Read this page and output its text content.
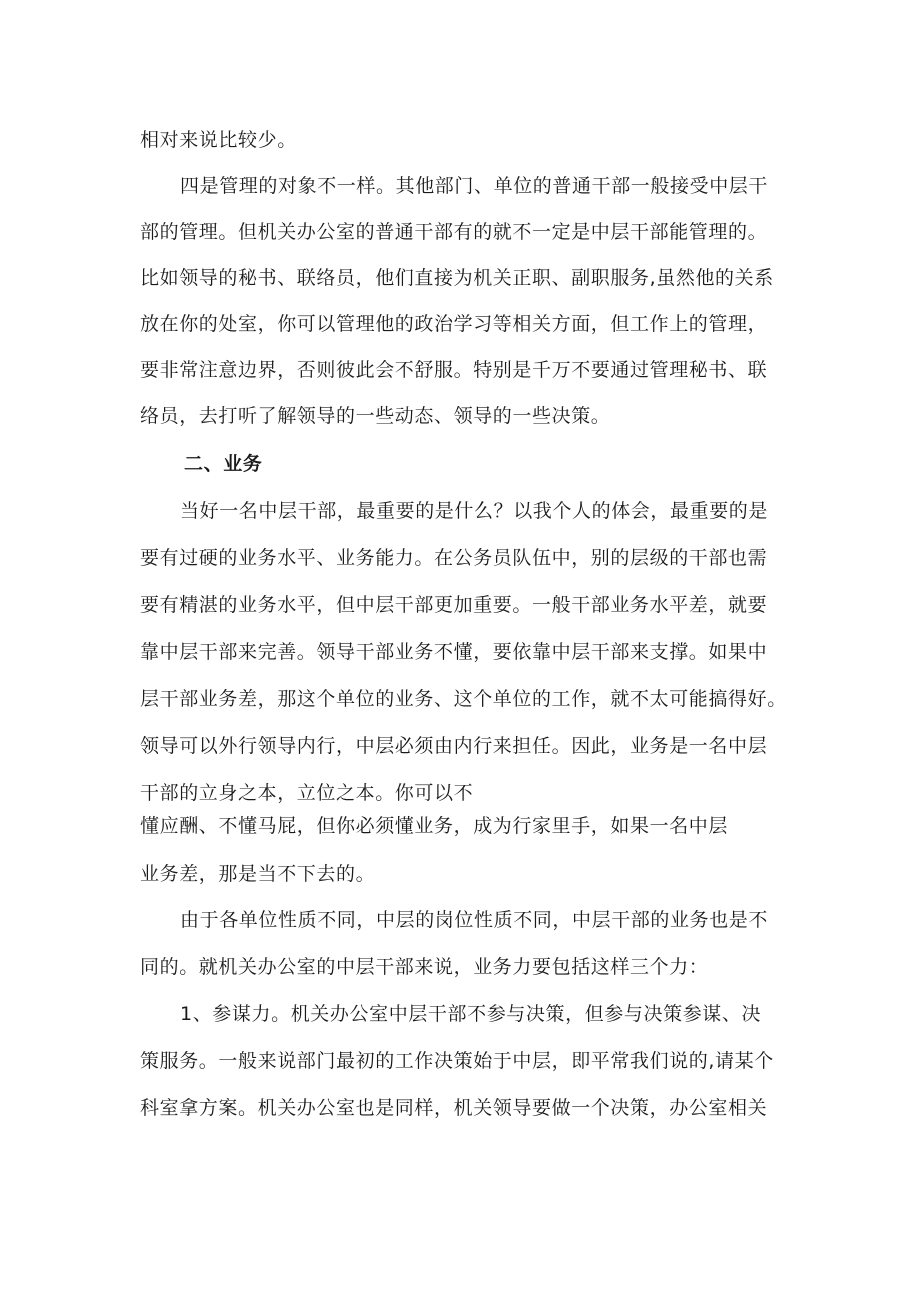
相对来说比较少。
四是管理的对象不一样。其他部门、单位的普通干部一般接受中层干
部的管理。但机关办公室的普通干部有的就不一定是中层干部能管理的。
比如领导的秘书、联络员，他们直接为机关正职、副职服务,虽然他的关系
放在你的处室，你可以管理他的政治学习等相关方面，但工作上的管理，
要非常注意边界，否则彼此会不舒服。特别是千万不要通过管理秘书、联
络员，去打听了解领导的一些动态、领导的一些决策。
二、业务
当好一名中层干部，最重要的是什么？以我个人的体会，最重要的是
要有过硬的业务水平、业务能力。在公务员队伍中，别的层级的干部也需
要有精湛的业务水平，但中层干部更加重要。一般干部业务水平差，就要
靠中层干部来完善。领导干部业务不懂，要依靠中层干部来支撑。如果中
层干部业务差，那这个单位的业务、这个单位的工作，就不太可能搞得好。
领导可以外行领导内行，中层必须由内行来担任。因此，业务是一名中层
干部的立身之本，立位之本。你可以不
懂应酬、不懂马屁，但你必须懂业务，成为行家里手，如果一名中层
业务差，那是当不下去的。
由于各单位性质不同，中层的岗位性质不同，中层干部的业务也是不
同的。就机关办公室的中层干部来说，业务力要包括这样三个力：
1、参谋力。机关办公室中层干部不参与决策，但参与决策参谋、决
策服务。一般来说部门最初的工作决策始于中层，即平常我们说的,请某个
科室拿方案。机关办公室也是同样，机关领导要做一个决策，办公室相关
